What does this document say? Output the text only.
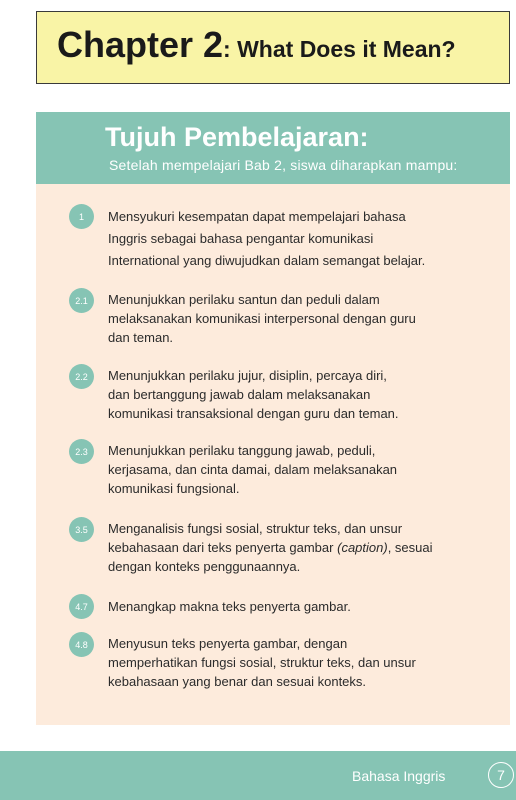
Chapter 2: What Does it Mean?
Tujuh Pembelajaran:
Setelah mempelajari Bab 2, siswa diharapkan mampu:
1	Mensyukuri kesempatan dapat mempelajari bahasa
Inggris sebagai bahasa pengantar komunikasi
International yang diwujudkan dalam semangat belajar.

2.1	Menunjukkan perilaku santun dan peduli dalam
melaksanakan komunikasi interpersonal dengan guru
dan teman.

2.2	Menunjukkan perilaku jujur, disiplin, percaya diri,
dan bertanggung jawab dalam melaksanakan
komunikasi transaksional dengan guru dan teman.

2.3	Menunjukkan perilaku tanggung jawab, peduli,
kerjasama, dan cinta damai, dalam melaksanakan
komunikasi fungsional.

3.5	Menganalisis fungsi sosial, struktur teks, dan unsur
kebahasaan dari teks penyerta gambar (caption), sesuai
dengan konteks penggunaannya.

4.7	Menangkap makna teks penyerta gambar.

4.8	Menyusun teks penyerta gambar, dengan
memperhatikan fungsi sosial, struktur teks, dan unsur
kebahasaan yang benar dan sesuai konteks.

Bahasa Inggris	7
